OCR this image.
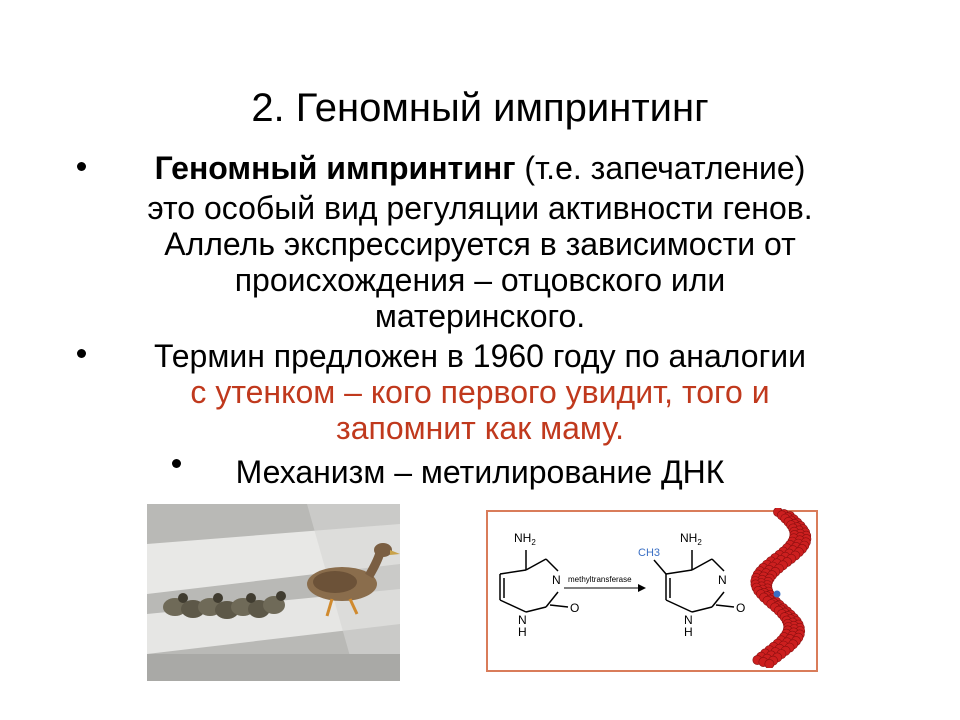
2. Геномный импринтинг
Геномный импринтинг (т.е. запечатление)
это особый вид регуляции активности генов.
Аллель экспрессируется в зависимости от
происхождения – отцовского или
материнского.
Термин предложен в 1960 году по аналогии
с утенком – кого первого увидит, того и
запомнит как маму.
Механизм – метилирование ДНК
$NH_2$
N
O
N
H
methyltransferase
CH3
$NH_2$
N
O
N
H
